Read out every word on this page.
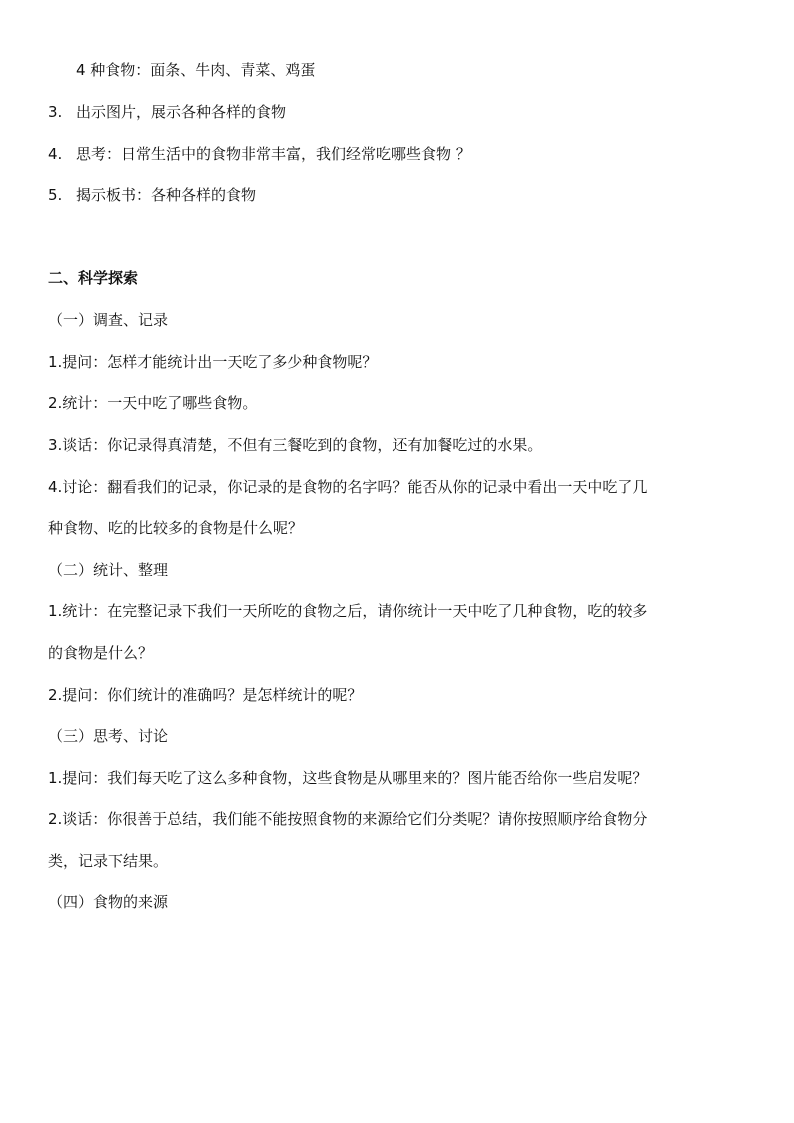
4 种食物：面条、牛肉、青菜、鸡蛋
3. 出示图片，展示各种各样的食物
4. 思考：日常生活中的食物非常丰富，我们经常吃哪些食物 ？
5. 揭示板书：各种各样的食物
二、科学探索
（一）调查、记录
1.提问：怎样才能统计出一天吃了多少种食物呢？
2.统计：一天中吃了哪些食物。
3.谈话：你记录得真清楚，不但有三餐吃到的食物，还有加餐吃过的水果。
4.讨论：翻看我们的记录，你记录的是食物的名字吗？能否从你的记录中看出一天中吃了几
种食物、吃的比较多的食物是什么呢？
（二）统计、整理
1.统计：在完整记录下我们一天所吃的食物之后，请你统计一天中吃了几种食物，吃的较多
的食物是什么？
2.提问：你们统计的准确吗？是怎样统计的呢？
（三）思考、讨论
1.提问：我们每天吃了这么多种食物，这些食物是从哪里来的？图片能否给你一些启发呢？
2.谈话：你很善于总结，我们能不能按照食物的来源给它们分类呢？请你按照顺序给食物分
类，记录下结果。
（四）食物的来源
